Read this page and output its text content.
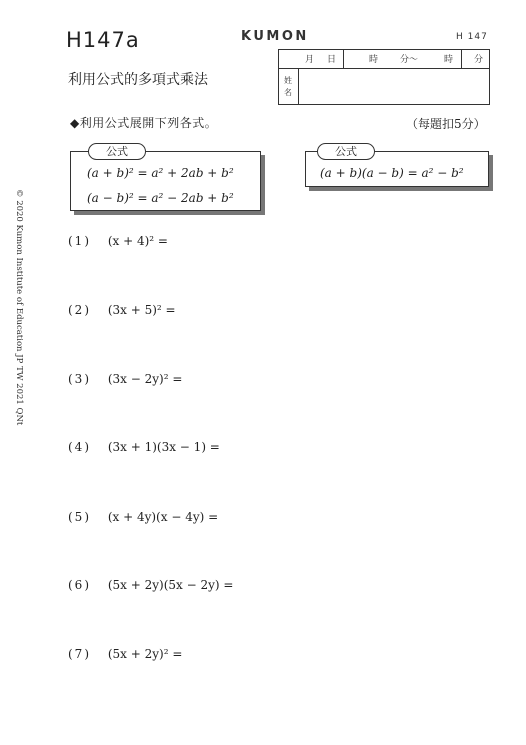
H147a	KUMON	H 147
月 日	時 分～	時 分
姓
名
利用公式的多項式乘法
◆利用公式展開下列各式。	（每題扣5分）
(a + b)² = a² + 2ab + b²
(a − b)² = a² − 2ab + b²
公式
(a + b)(a − b) = a² − b²
公式
© 2020 Kumon Institute of Education JP TW 2021 QNt	(1) (x + 4)² =
(2) (3x + 5)² =
(3) (3x − 2y)² =
(4) (3x + 1)(3x − 1) =
(5) (x + 4y)(x − 4y) =
(6) (5x + 2y)(5x − 2y) =
(7) (5x + 2y)² =
